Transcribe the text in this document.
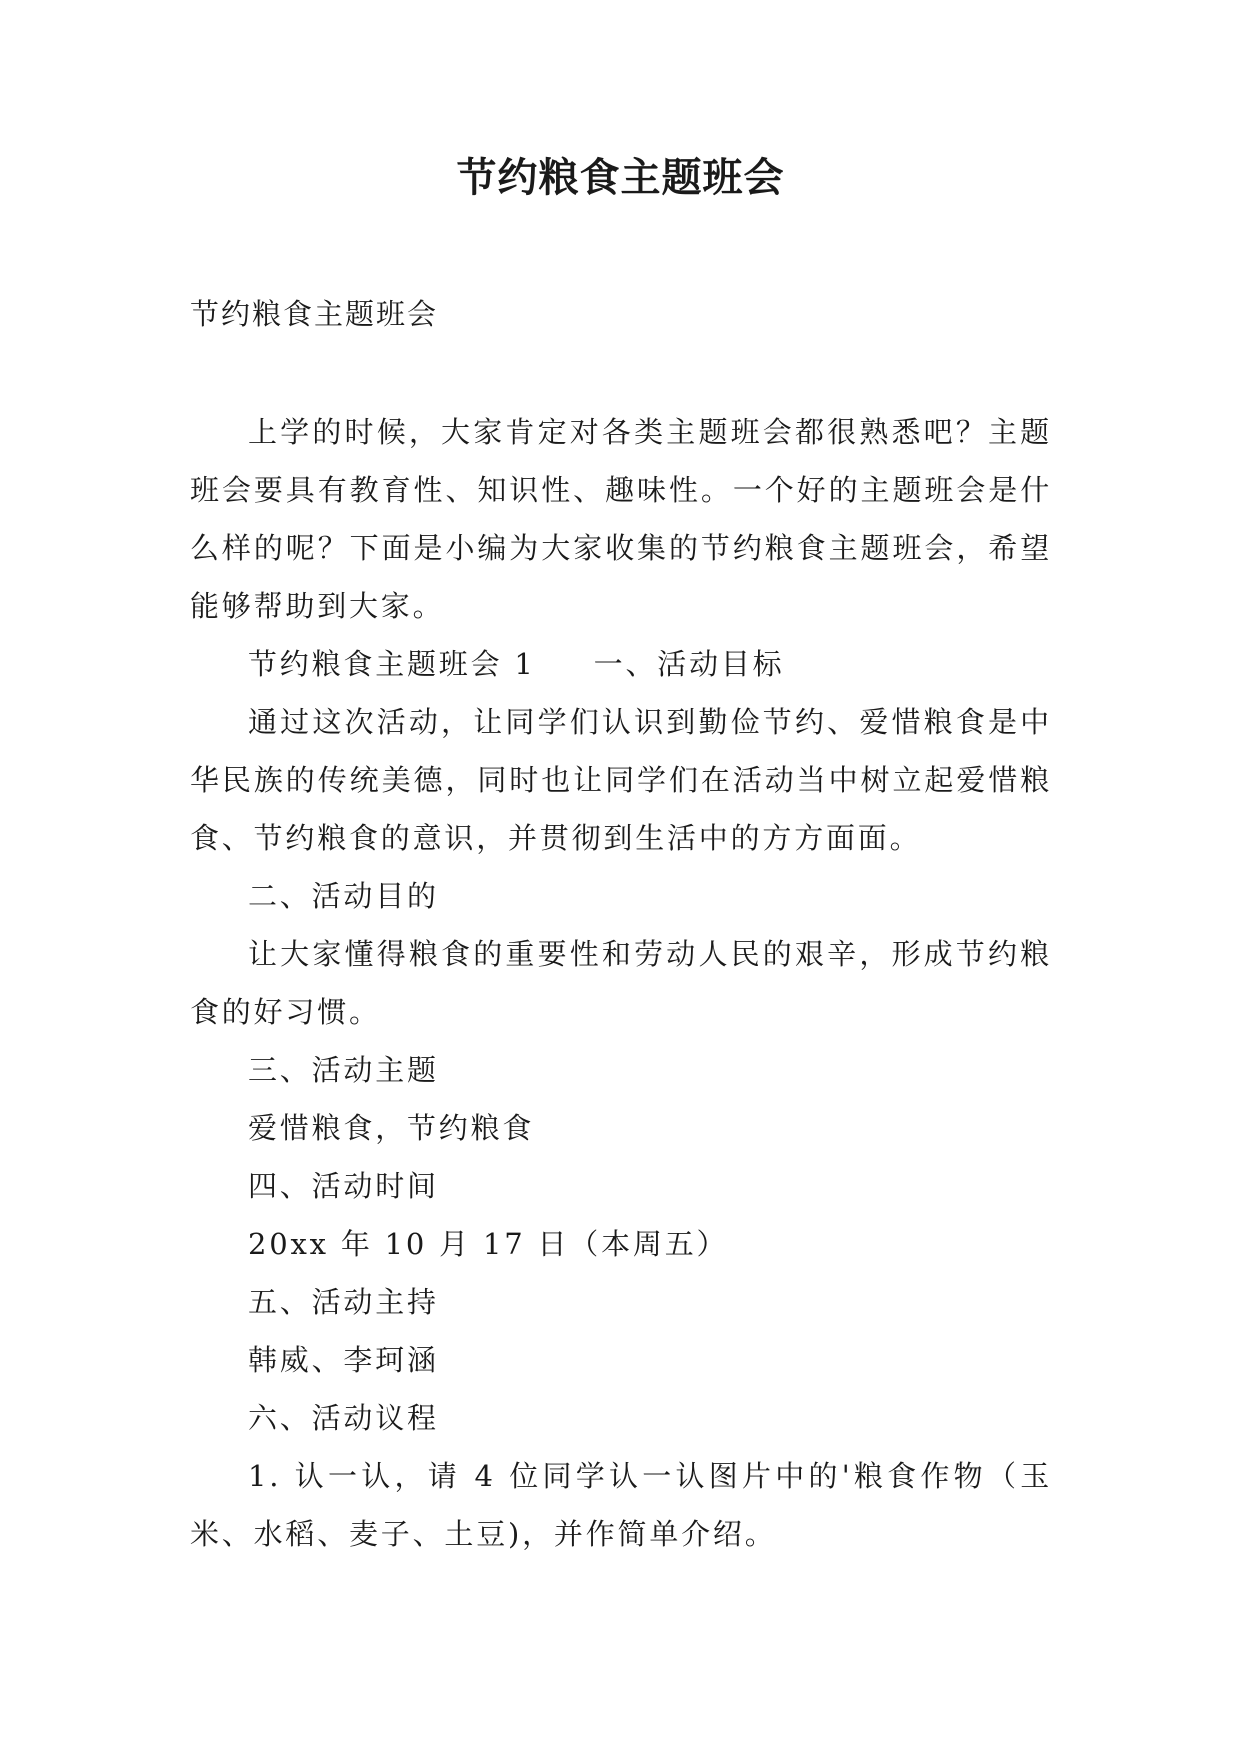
节约粮食主题班会

节约粮食主题班会

上学的时候，大家肯定对各类主题班会都很熟悉吧？主题班会要具有教育性、知识性、趣味性。一个好的主题班会是什么样的呢？下面是小编为大家收集的节约粮食主题班会，希望能够帮助到大家。

节约粮食主题班会 1 一、活动目标

通过这次活动，让同学们认识到勤俭节约、爱惜粮食是中华民族的传统美德，同时也让同学们在活动当中树立起爱惜粮食、节约粮食的意识，并贯彻到生活中的方方面面。

二、活动目的

让大家懂得粮食的重要性和劳动人民的艰辛，形成节约粮食的好习惯。

三、活动主题

爱惜粮食，节约粮食

四、活动时间

20xx 年 10 月 17 日（本周五）

五、活动主持

韩威、李珂涵

六、活动议程

1. 认一认，请 4 位同学认一认图片中的'粮食作物（玉米、水稻、麦子、土豆)，并作简单介绍。
